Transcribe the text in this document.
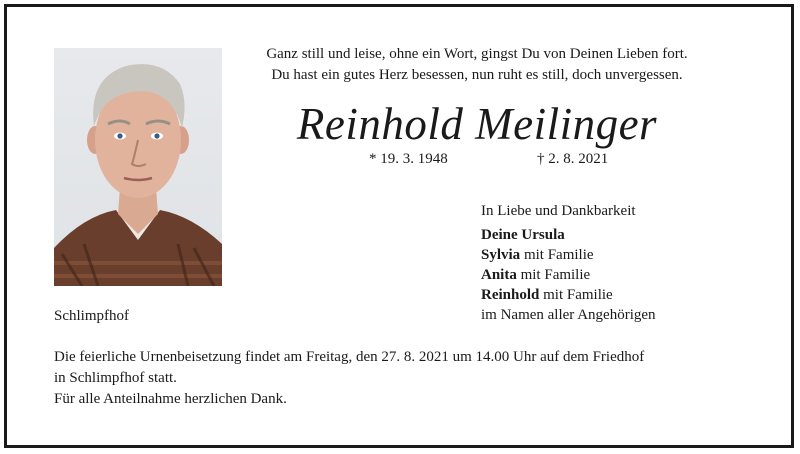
Ganz still und leise, ohne ein Wort, gingst Du von Deinen Lieben fort.
Du hast ein gutes Herz besessen, nun ruht es still, doch unvergessen.
Reinhold Meilinger
* 19. 3. 1948	† 2. 8. 2021
In Liebe und Dankbarkeit
Deine Ursula
Sylvia mit Familie
Anita mit Familie
Reinhold mit Familie
im Namen aller Angehörigen
Schlimpfhof
Die feierliche Urnenbeisetzung findet am Freitag, den 27. 8. 2021 um 14.00 Uhr auf dem Friedhof
in Schlimpfhof statt.
Für alle Anteilnahme herzlichen Dank.
